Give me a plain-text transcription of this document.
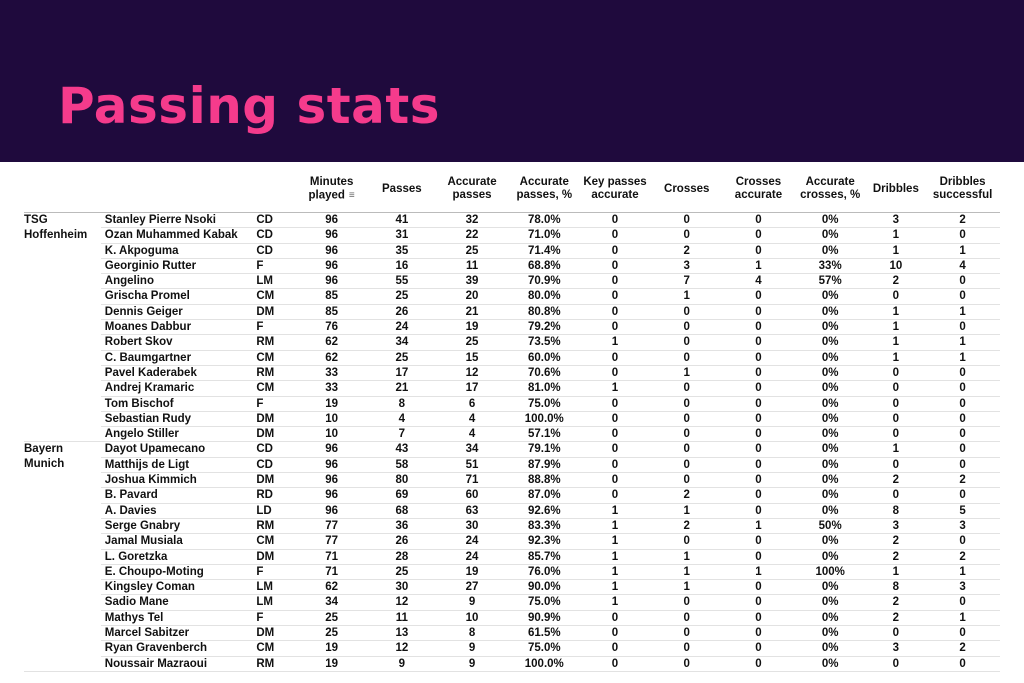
Passing stats
			Minutes played ≡	Passes	Accurate passes	Accurate passes, %	Key passes accurate	Crosses	Crosses accurate	Accurate crosses, %	Dribbles	Dribbles successful
TSG Hoffenheim	Stanley Pierre Nsoki	CD	96	41	32	78.0%	0	0	0	0%	3	2
	Ozan Muhammed Kabak	CD	96	31	22	71.0%	0	0	0	0%	1	0
	K. Akpoguma	CD	96	35	25	71.4%	0	2	0	0%	1	1
	Georginio Rutter	F	96	16	11	68.8%	0	3	1	33%	10	4
	Angelino	LM	96	55	39	70.9%	0	7	4	57%	2	0
	Grischa Promel	CM	85	25	20	80.0%	0	1	0	0%	0	0
	Dennis Geiger	DM	85	26	21	80.8%	0	0	0	0%	1	1
	Moanes Dabbur	F	76	24	19	79.2%	0	0	0	0%	1	0
	Robert Skov	RM	62	34	25	73.5%	1	0	0	0%	1	1
	C. Baumgartner	CM	62	25	15	60.0%	0	0	0	0%	1	1
	Pavel Kaderabek	RM	33	17	12	70.6%	0	1	0	0%	0	0
	Andrej Kramaric	CM	33	21	17	81.0%	1	0	0	0%	0	0
	Tom Bischof	F	19	8	6	75.0%	0	0	0	0%	0	0
	Sebastian Rudy	DM	10	4	4	100.0%	0	0	0	0%	0	0
	Angelo Stiller	DM	10	7	4	57.1%	0	0	0	0%	0	0
Bayern Munich	Dayot Upamecano	CD	96	43	34	79.1%	0	0	0	0%	1	0
	Matthijs de Ligt	CD	96	58	51	87.9%	0	0	0	0%	0	0
	Joshua Kimmich	DM	96	80	71	88.8%	0	0	0	0%	2	2
	B. Pavard	RD	96	69	60	87.0%	0	2	0	0%	0	0
	A. Davies	LD	96	68	63	92.6%	1	1	0	0%	8	5
	Serge Gnabry	RM	77	36	30	83.3%	1	2	1	50%	3	3
	Jamal Musiala	CM	77	26	24	92.3%	1	0	0	0%	2	0
	L. Goretzka	DM	71	28	24	85.7%	1	1	0	0%	2	2
	E. Choupo-Moting	F	71	25	19	76.0%	1	1	1	100%	1	1
	Kingsley Coman	LM	62	30	27	90.0%	1	1	0	0%	8	3
	Sadio Mane	LM	34	12	9	75.0%	1	0	0	0%	2	0
	Mathys Tel	F	25	11	10	90.9%	0	0	0	0%	2	1
	Marcel Sabitzer	DM	25	13	8	61.5%	0	0	0	0%	0	0
	Ryan Gravenberch	CM	19	12	9	75.0%	0	0	0	0%	3	2
	Noussair Mazraoui	RM	19	9	9	100.0%	0	0	0	0%	0	0
